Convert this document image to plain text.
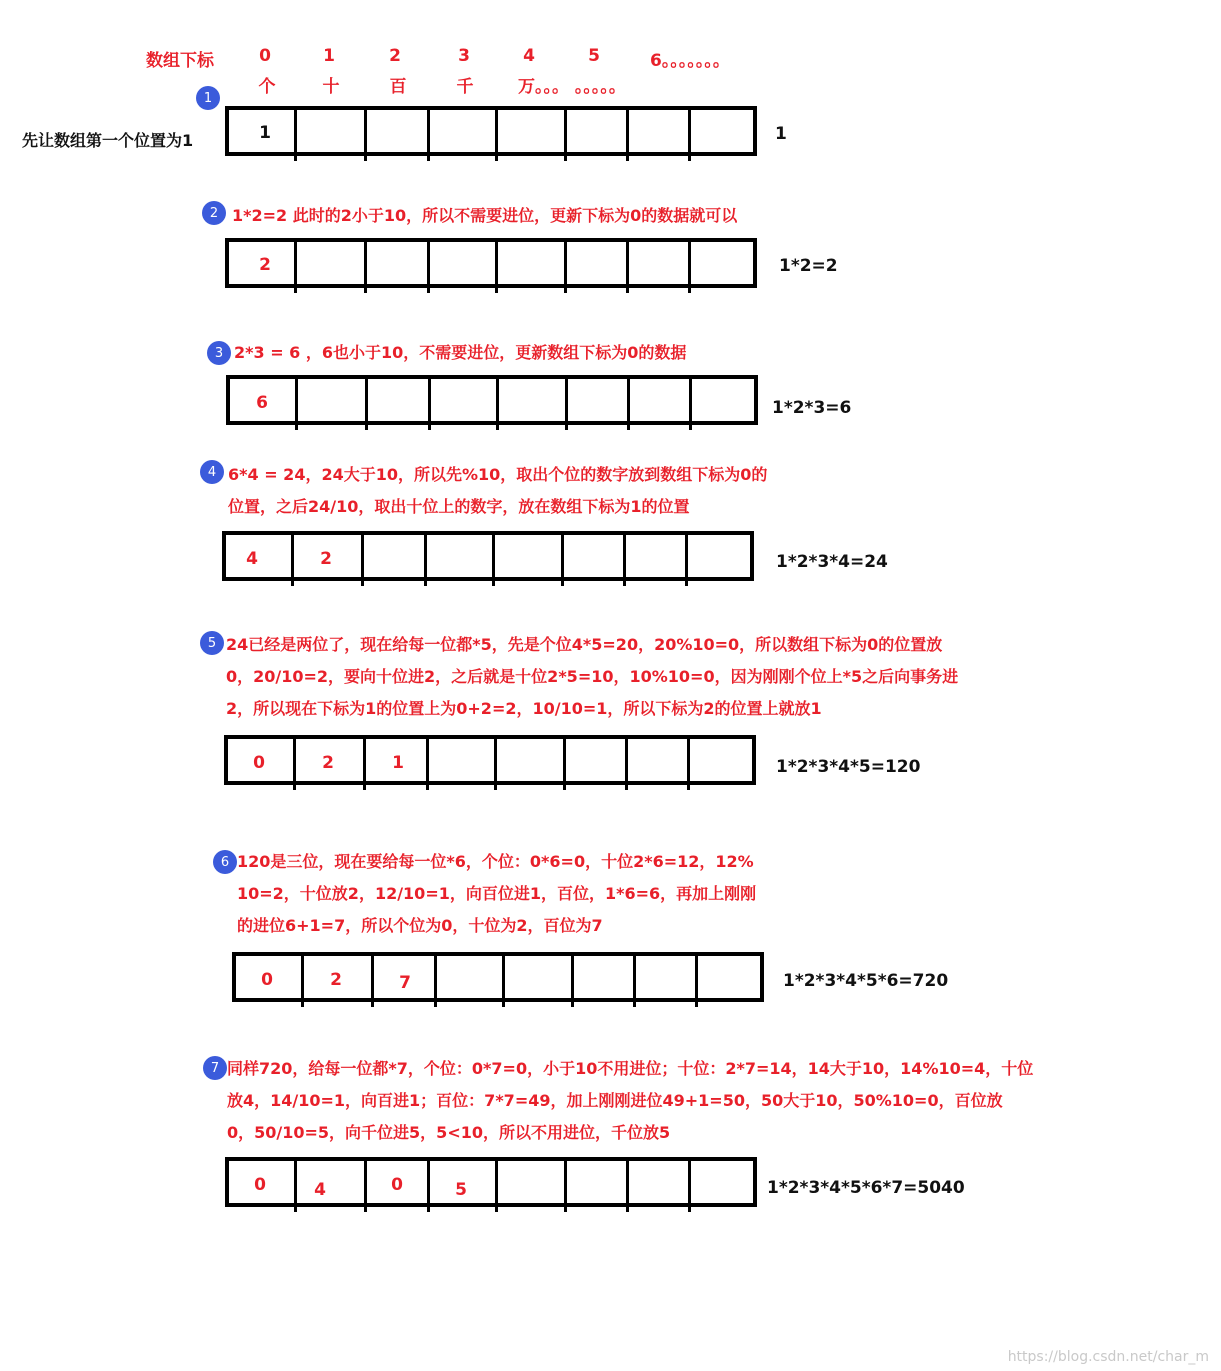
数组下标	0	1	2	3	4	5	6。。。。。。。
个	十	百	千	万。。。 。。。。。
先让数组第一个位置为1
1
1	1
2 1*2=2 此时的2小于10，所以不需要进位，更新下标为0的数据就可以
2	1*2=2
3 2*3 = 6 ，6也小于10，不需要进位，更新数组下标为0的数据
6	1*2*3=6
4 6*4 = 24，24大于10，所以先%10，取出个位的数字放到数组下标为0的
位置，之后24/10，取出十位上的数字，放在数组下标为1的位置
4	2	1*2*3*4=24
5 24已经是两位了，现在给每一位都*5，先是个位4*5=20，20%10=0，所以数组下标为0的位置放
0，20/10=2，要向十位进2，之后就是十位2*5=10，10%10=0，因为刚刚个位上*5之后向事务进
2，所以现在下标为1的位置上为0+2=2，10/10=1，所以下标为2的位置上就放1
0	2	1	1*2*3*4*5=120
6 120是三位，现在要给每一位*6，个位：0*6=0，十位2*6=12，12%
10=2，十位放2，12/10=1，向百位进1，百位，1*6=6，再加上刚刚
的进位6+1=7，所以个位为0，十位为2，百位为7
0	2	7	1*2*3*4*5*6=720
7 同样720，给每一位都*7，个位：0*7=0，小于10不用进位；十位：2*7=14，14大于10，14%10=4，十位
放4，14/10=1，向百进1；百位：7*7=49，加上刚刚进位49+1=50，50大于10，50%10=0，百位放
0，50/10=5，向千位进5，5<10，所以不用进位，千位放5
0	4	0	5	1*2*3*4*5*6*7=5040
https://blog.csdn.net/char_m
